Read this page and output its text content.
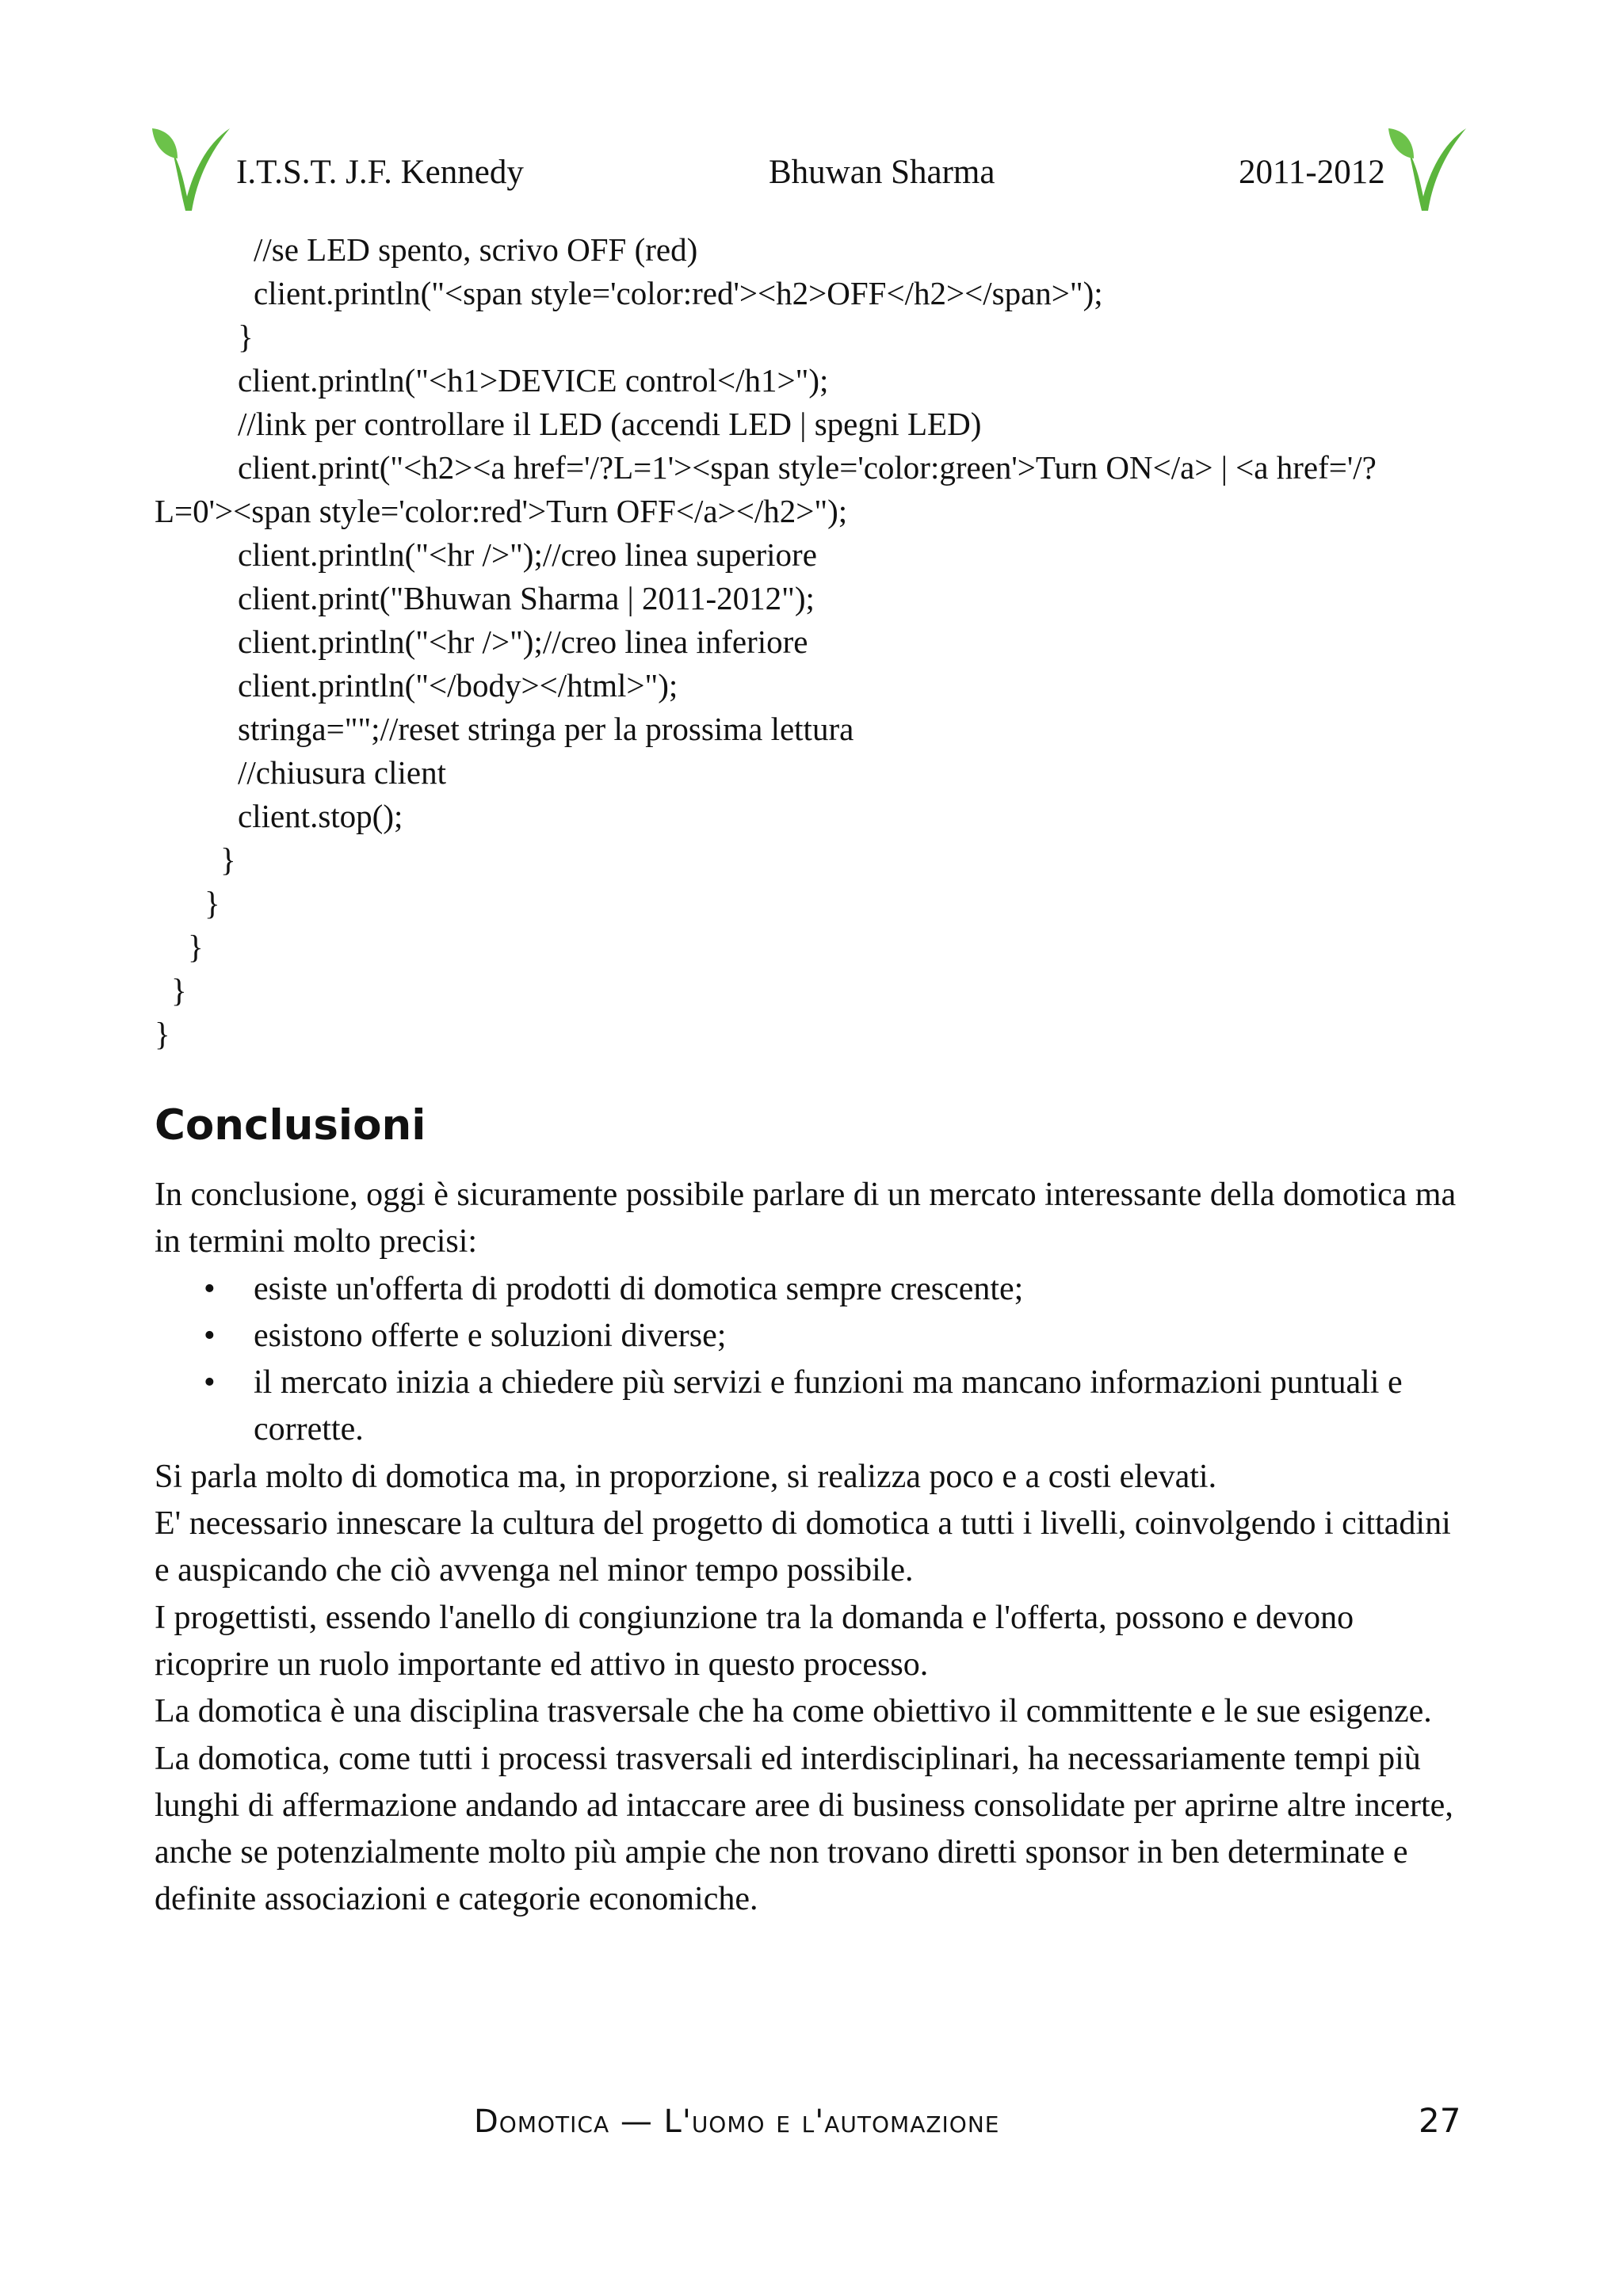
I.T.S.T. J.F. Kennedy	Bhuwan Sharma	2011-2012
//se LED spento, scrivo OFF (red)
client.println("<span style='color:red'><h2>OFF</h2></span>");
}
client.println("<h1>DEVICE control</h1>");
//link per controllare il LED (accendi LED | spegni LED)
client.print("<h2><a href='/?L=1'><span style='color:green'>Turn ON</a> | <a href='/?
L=0'><span style='color:red'>Turn OFF</a></h2>");
client.println("<hr />");//creo linea superiore
client.print("Bhuwan Sharma | 2011-2012");
client.println("<hr />");//creo linea inferiore
client.println("</body></html>");
stringa="";//reset stringa per la prossima lettura
//chiusura client
client.stop();
}
}
}
}
}
Conclusioni

In conclusione, oggi è sicuramente possibile parlare di un mercato interessante della domotica ma in termini molto precisi:

• esiste un'offerta di prodotti di domotica sempre crescente;
• esistono offerte e soluzioni diverse;
• il mercato inizia a chiedere più servizi e funzioni ma mancano informazioni puntuali e corrette.

Si parla molto di domotica ma, in proporzione, si realizza poco e a costi elevati.

E' necessario innescare la cultura del progetto di domotica a tutti i livelli, coinvolgendo i cittadini e auspicando che ciò avvenga nel minor tempo possibile.

I progettisti, essendo l'anello di congiunzione tra la domanda e l'offerta, possono e devono ricoprire un ruolo importante ed attivo in questo processo.

La domotica è una disciplina trasversale che ha come obiettivo il committente e le sue esigenze.

La domotica, come tutti i processi trasversali ed interdisciplinari, ha necessariamente tempi più lunghi di affermazione andando ad intaccare aree di business consolidate per aprirne altre incerte, anche se potenzialmente molto più ampie che non trovano diretti sponsor in ben determinate e definite associazioni e categorie economiche.

Domotica — L'uomo e l'automazione	27
